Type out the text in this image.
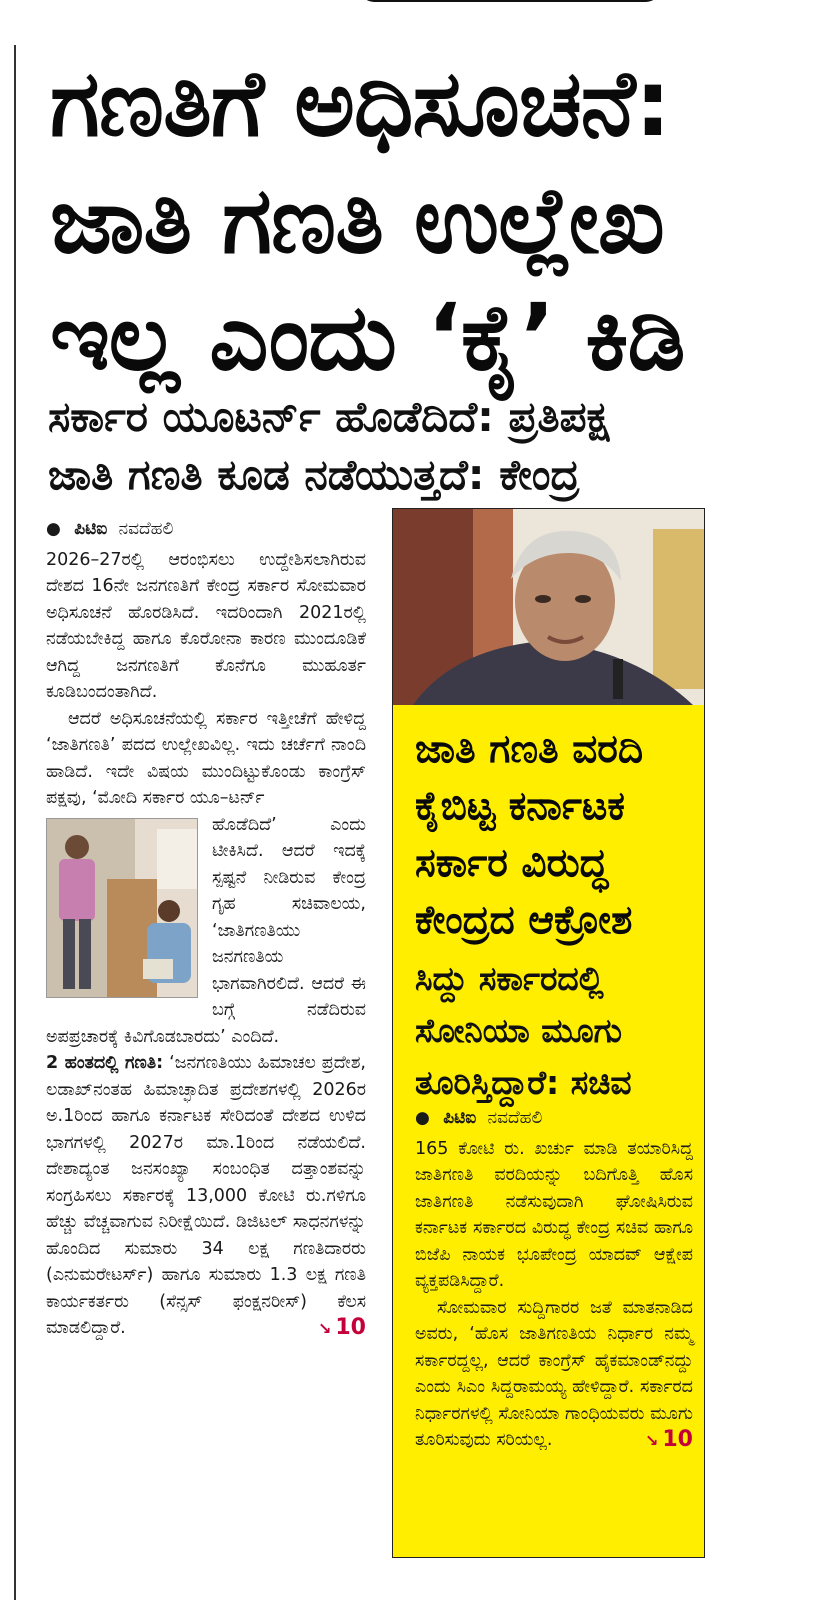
ಗಣತಿಗೆ ಅಧಿಸೂಚನೆ:
ಜಾತಿ ಗಣತಿ ಉಲ್ಲೇಖ
ಇಲ್ಲ ಎಂದು ‘ಕೈ’ ಕಿಡಿ
ಸರ್ಕಾರ ಯೂಟರ್ನ್ ಹೊಡೆದಿದೆ: ಪ್ರತಿಪಕ್ಷ
ಜಾತಿ ಗಣತಿ ಕೂಡ ನಡೆಯುತ್ತದೆ: ಕೇಂದ್ರ
● ಪಿಟಿಐ ನವದೆಹಲಿ

2026–27ರಲ್ಲಿ ಆರಂಭಿಸಲು ಉದ್ದೇಶಿಸಲಾಗಿರುವ ದೇಶದ 16ನೇ ಜನಗಣತಿಗೆ ಕೇಂದ್ರ ಸರ್ಕಾರ ಸೋಮವಾರ ಅಧಿಸೂಚನೆ ಹೊರಡಿಸಿದೆ. ಇದರಿಂದಾಗಿ 2021ರಲ್ಲಿ ನಡೆಯಬೇಕಿದ್ದ ಹಾಗೂ ಕೊರೋನಾ ಕಾರಣ ಮುಂದೂಡಿಕೆ ಆಗಿದ್ದ ಜನಗಣತಿಗೆ ಕೊನೆಗೂ ಮುಹೂರ್ತ ಕೂಡಿಬಂದಂತಾಗಿದೆ.

ಆದರೆ ಅಧಿಸೂಚನೆಯಲ್ಲಿ ಸರ್ಕಾರ ಇತ್ತೀಚೆಗೆ ಹೇಳಿದ್ದ ‘ಜಾತಿಗಣತಿ’ ಪದದ ಉಲ್ಲೇಖವಿಲ್ಲ. ಇದು ಚರ್ಚೆಗೆ ನಾಂದಿ ಹಾಡಿದೆ. ಇದೇ ವಿಷಯ ಮುಂದಿಟ್ಟುಕೊಂಡು ಕಾಂಗ್ರೆಸ್ ಪಕ್ಷವು, ‘ಮೋದಿ ಸರ್ಕಾರ ಯೂ–ಟರ್ನ್

ಹೊಡೆದಿದೆ’ ಎಂದು ಟೀಕಿಸಿದೆ. ಆದರೆ ಇದಕ್ಕೆ ಸ್ಪಷ್ಟನೆ ನೀಡಿರುವ ಕೇಂದ್ರ ಗೃಹ ಸಚಿವಾಲಯ, ‘ಜಾತಿಗಣತಿಯು ಜನಗಣತಿಯ ಭಾಗವಾಗಿರಲಿದೆ. ಆದರೆ ಈ ಬಗ್ಗೆ ನಡೆದಿರುವ ಅಪಪ್ರಚಾರಕ್ಕೆ ಕಿವಿಗೊಡಬಾರದು’ ಎಂದಿದೆ.

2 ಹಂತದಲ್ಲಿ ಗಣತಿ: ‘ಜನಗಣತಿಯು ಹಿಮಾಚಲ ಪ್ರದೇಶ, ಲಡಾಖ್‌ನಂತಹ ಹಿಮಾಚ್ಛಾದಿತ ಪ್ರದೇಶಗಳಲ್ಲಿ 2026ರ ಅ.1ರಿಂದ ಹಾಗೂ ಕರ್ನಾಟಕ ಸೇರಿದಂತೆ ದೇಶದ ಉಳಿದ ಭಾಗಗಳಲ್ಲಿ 2027ರ ಮಾ.1ರಿಂದ ನಡೆಯಲಿದೆ. ದೇಶಾದ್ಯಂತ ಜನಸಂಖ್ಯಾ ಸಂಬಂಧಿತ ದತ್ತಾಂಶವನ್ನು ಸಂಗ್ರಹಿಸಲು ಸರ್ಕಾರಕ್ಕೆ 13,000 ಕೋಟಿ ರು.ಗಳಿಗೂ ಹೆಚ್ಚು ವೆಚ್ಚವಾಗುವ ನಿರೀಕ್ಷೆಯಿದೆ. ಡಿಜಿಟಲ್ ಸಾಧನಗಳನ್ನು ಹೊಂದಿದ ಸುಮಾರು 34 ಲಕ್ಷ ಗಣತಿದಾರರು (ಎನುಮರೇಟರ್ಸ್) ಹಾಗೂ ಸುಮಾರು 1.3 ಲಕ್ಷ ಗಣತಿ ಕಾರ್ಯಕರ್ತರು (ಸೆನ್ಸಸ್ ಫಂಕ್ಷನರೀಸ್) ಕೆಲಸ ಮಾಡಲಿದ್ದಾರೆ.	↘ 10

ಜಾತಿ ಗಣತಿ ವರದಿ
ಕೈಬಿಟ್ಟ ಕರ್ನಾಟಕ
ಸರ್ಕಾರ ವಿರುದ್ಧ
ಕೇಂದ್ರದ ಆಕ್ರೋಶ
ಸಿದ್ದು ಸರ್ಕಾರದಲ್ಲಿ
ಸೋನಿಯಾ ಮೂಗು
ತೂರಿಸ್ತಿದ್ದಾರೆ: ಸಚಿವ
● ಪಿಟಿಐ ನವದೆಹಲಿ

165 ಕೋಟಿ ರು. ಖರ್ಚು ಮಾಡಿ ತಯಾರಿಸಿದ್ದ ಜಾತಿಗಣತಿ ವರದಿಯನ್ನು ಬದಿಗೊತ್ತಿ ಹೊಸ ಜಾತಿಗಣತಿ ನಡೆಸುವುದಾಗಿ ಘೋಷಿಸಿರುವ ಕರ್ನಾಟಕ ಸರ್ಕಾರದ ವಿರುದ್ಧ ಕೇಂದ್ರ ಸಚಿವ ಹಾಗೂ ಬಿಜೆಪಿ ನಾಯಕ ಭೂಪೇಂದ್ರ ಯಾದವ್ ಆಕ್ಷೇಪ ವ್ಯಕ್ತಪಡಿಸಿದ್ದಾರೆ.

ಸೋಮವಾರ ಸುದ್ದಿಗಾರರ ಜತೆ ಮಾತನಾಡಿದ ಅವರು, ‘ಹೊಸ ಜಾತಿಗಣತಿಯ ನಿರ್ಧಾರ ನಮ್ಮ ಸರ್ಕಾರದ್ದಲ್ಲ, ಆದರೆ ಕಾಂಗ್ರೆಸ್ ಹೈಕಮಾಂಡ್‌ನದ್ದು ಎಂದು ಸಿಎಂ ಸಿದ್ದರಾಮಯ್ಯ ಹೇಳಿದ್ದಾರೆ. ಸರ್ಕಾರದ ನಿರ್ಧಾರಗಳಲ್ಲಿ ಸೋನಿಯಾ ಗಾಂಧಿಯವರು ಮೂಗು ತೂರಿಸುವುದು ಸರಿಯಲ್ಲ.	↘ 10
